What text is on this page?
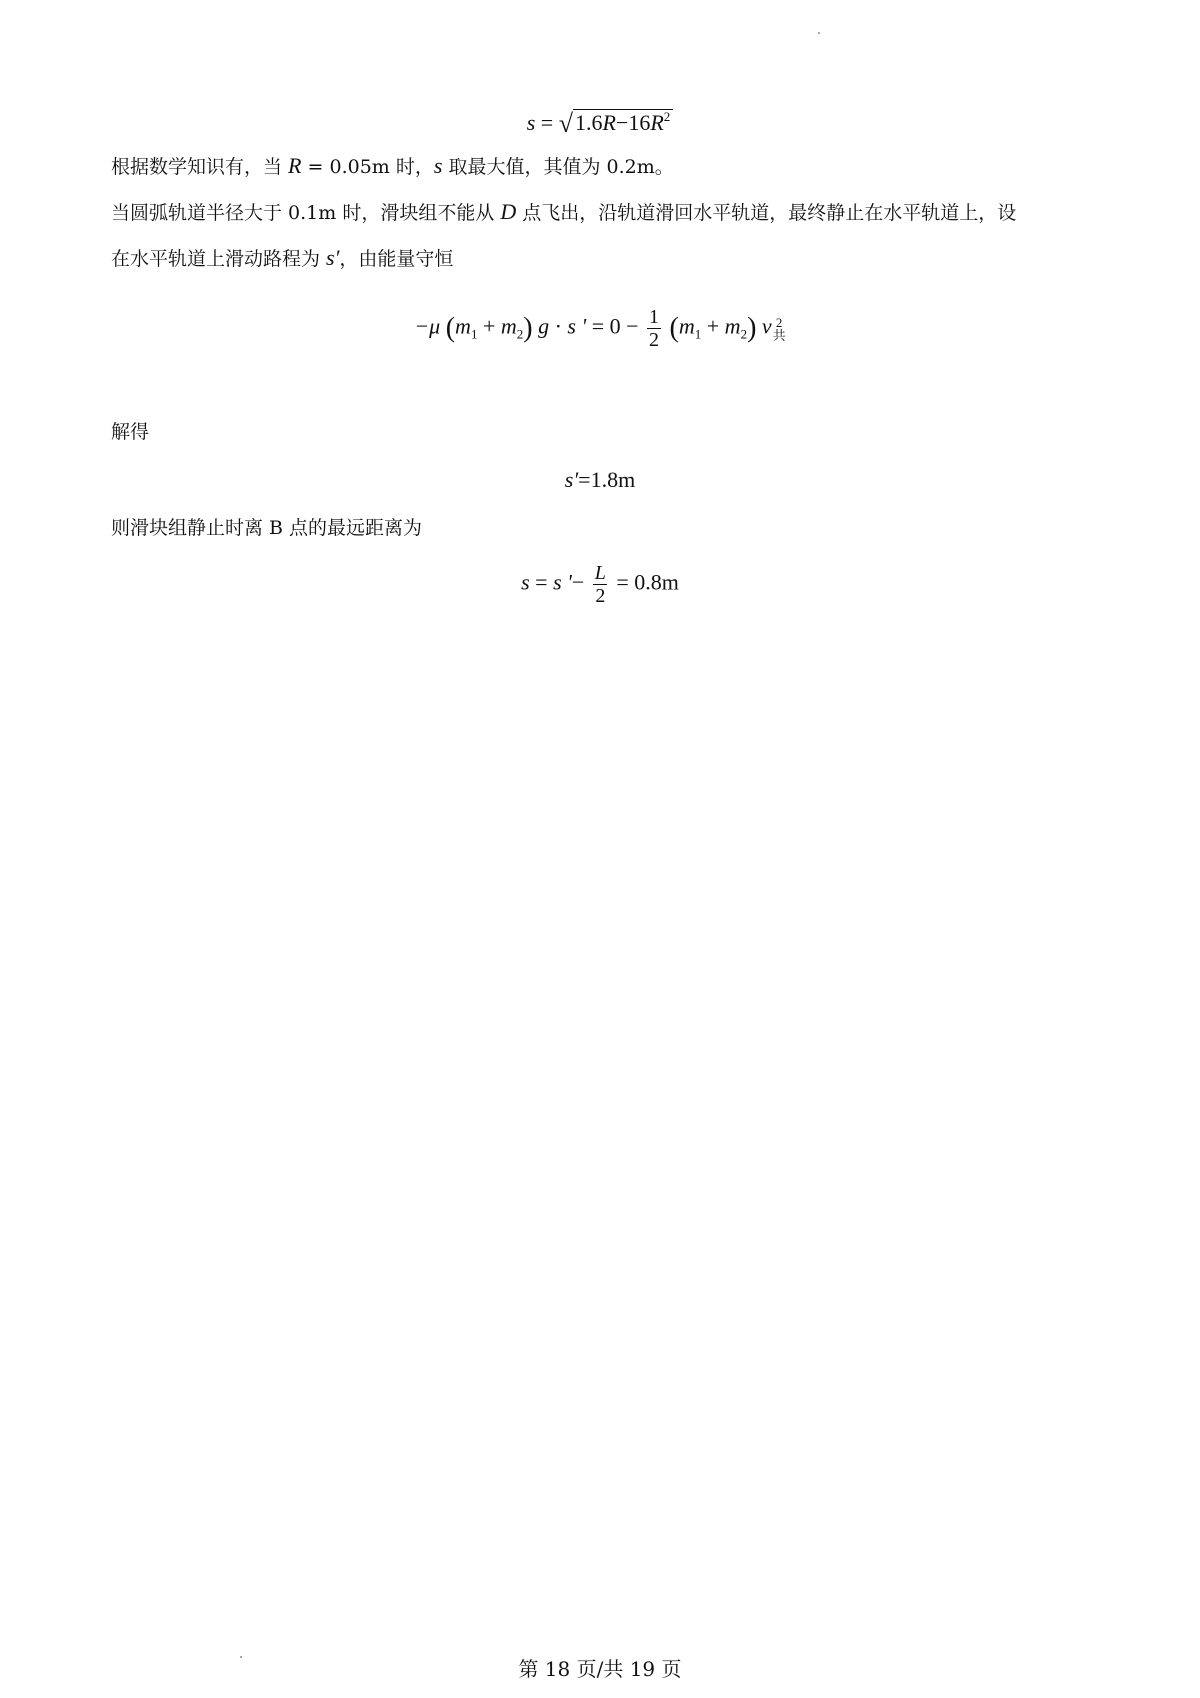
$s = √1.6R-16R^2$
根据数学知识有，当 R = 0.05m 时，s 取最大值，其值为 0.2m。
当圆弧轨道半径大于 0.1m 时，滑块组不能从 D 点飞出，沿轨道滑回水平轨道，最终静止在水平轨道上，设
在水平轨道上滑动路程为 s′，由能量守恒
−μ $(m_1 + m_2) g \cdot s$ ' = $0 - \frac{1}{2} (m_1 + m_2)$ v 2
共
解得
s′=1.8m
则滑块组静止时离 B 点的最远距离为
s = s '− $\frac{L}{2} = 0.8m$
第 18 页/共 19 页
